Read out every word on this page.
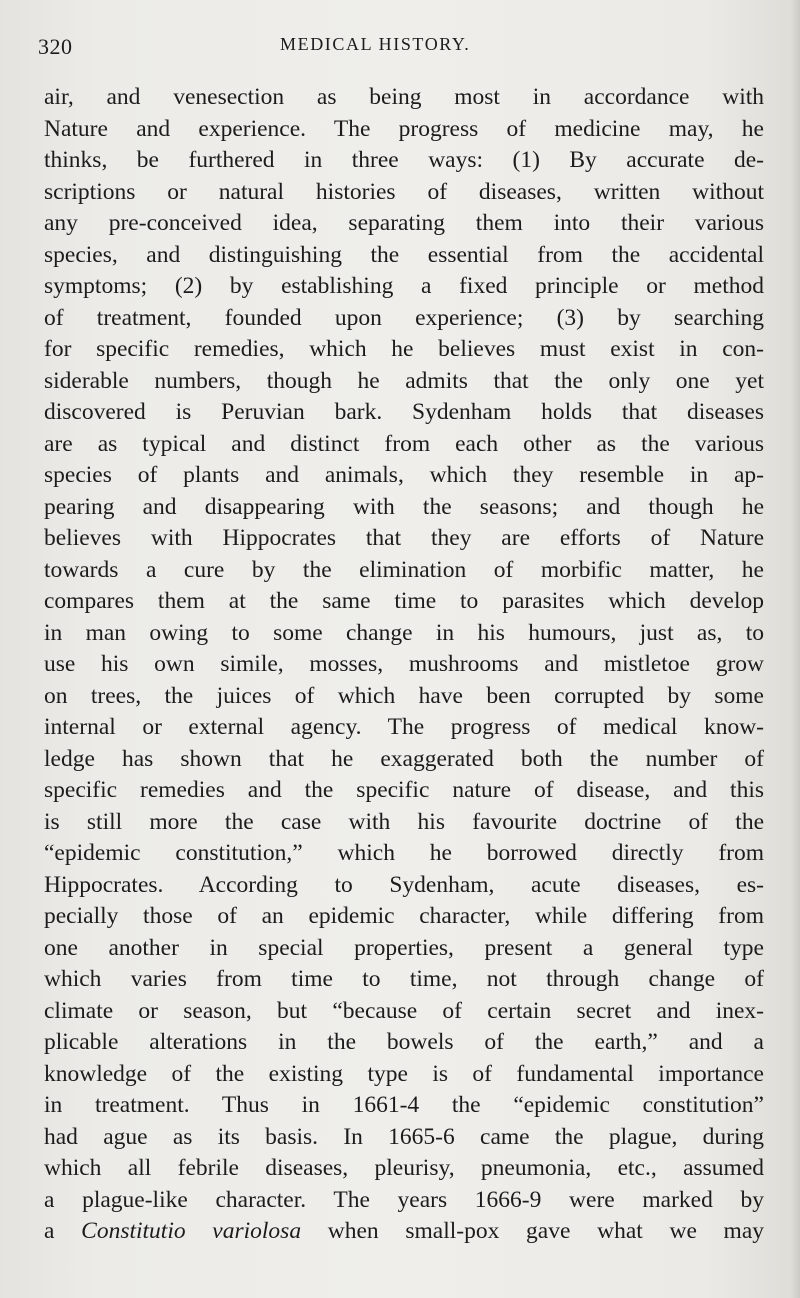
320	MEDICAL HISTORY.
air, and venesection as being most in accordance with
Nature and experience. The progress of medicine may, he
thinks, be furthered in three ways: (1) By accurate de-
scriptions or natural histories of diseases, written without
any pre-conceived idea, separating them into their various
species, and distinguishing the essential from the accidental
symptoms; (2) by establishing a fixed principle or method
of treatment, founded upon experience; (3) by searching
for specific remedies, which he believes must exist in con-
siderable numbers, though he admits that the only one yet
discovered is Peruvian bark. Sydenham holds that diseases
are as typical and distinct from each other as the various
species of plants and animals, which they resemble in ap-
pearing and disappearing with the seasons; and though he
believes with Hippocrates that they are efforts of Nature
towards a cure by the elimination of morbific matter, he
compares them at the same time to parasites which develop
in man owing to some change in his humours, just as, to
use his own simile, mosses, mushrooms and mistletoe grow
on trees, the juices of which have been corrupted by some
internal or external agency. The progress of medical know-
ledge has shown that he exaggerated both the number of
specific remedies and the specific nature of disease, and this
is still more the case with his favourite doctrine of the
“epidemic constitution,” which he borrowed directly from
Hippocrates. According to Sydenham, acute diseases, es-
pecially those of an epidemic character, while differing from
one another in special properties, present a general type
which varies from time to time, not through change of
climate or season, but “because of certain secret and inex-
plicable alterations in the bowels of the earth,” and a
knowledge of the existing type is of fundamental importance
in treatment. Thus in 1661-4 the “epidemic constitution”
had ague as its basis. In 1665-6 came the plague, during
which all febrile diseases, pleurisy, pneumonia, etc., assumed
a plague-like character. The years 1666-9 were marked by
a Constitutio variolosa when small-pox gave what we may
